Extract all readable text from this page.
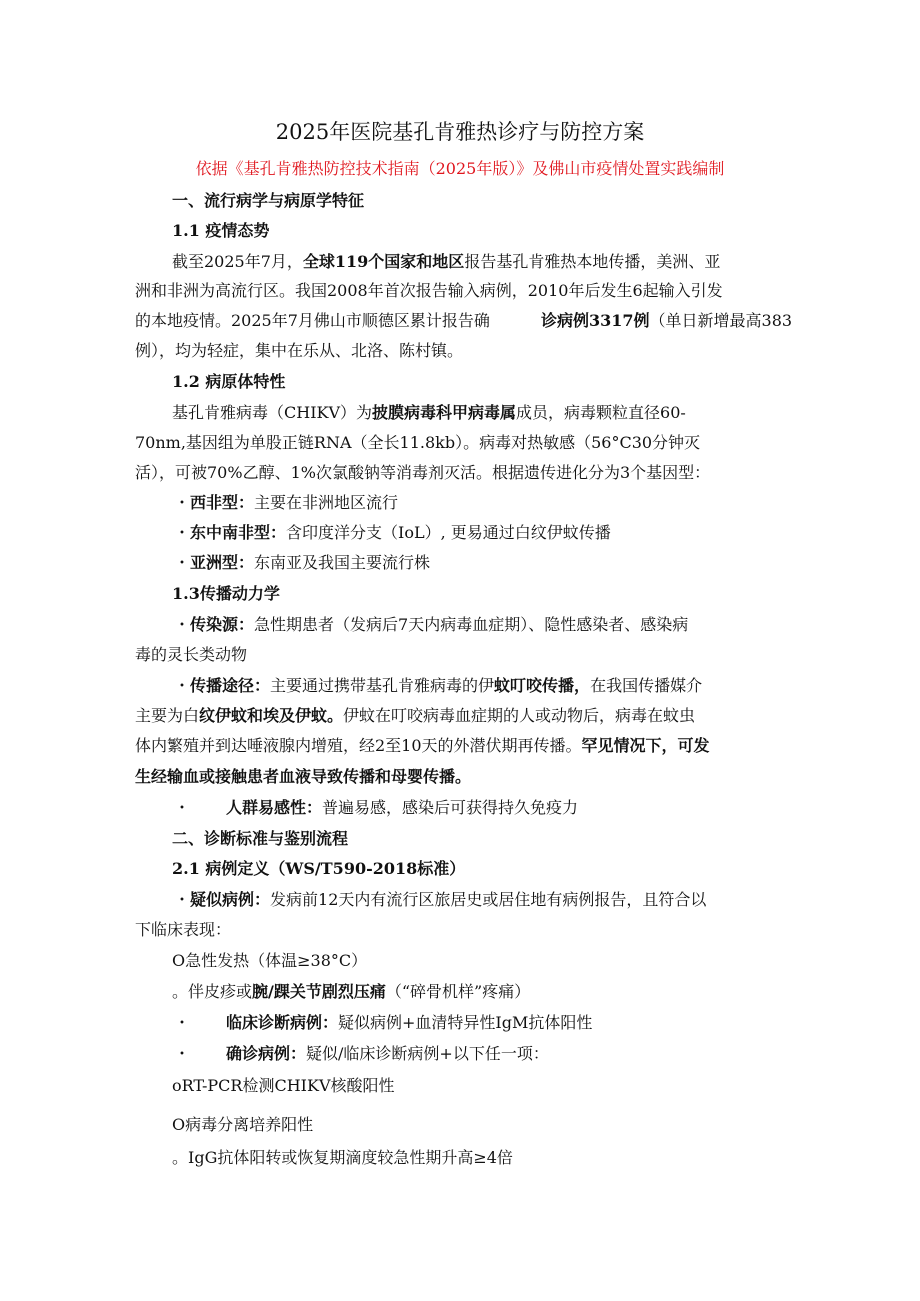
2025年医院基孔肯雅热诊疗与防控方案
依据《基孔肯雅热防控技术指南（2025年版）》及佛山市疫情处置实践编制
一、流行病学与病原学特征
1.1 疫情态势
截至2025年7月，全球119个国家和地区报告基孔肯雅热本地传播，美洲、亚
洲和非洲为高流行区。我国2008年首次报告输入病例，2010年后发生6起输入引发
的本地疫情。2025年7月佛山市顺德区累计报告确	诊病例3317例（单日新增最高383
例），均为轻症，集中在乐从、北洛、陈村镇。
1.2 病原体特性
基孔肯雅病毒（CHIKV）为披膜病毒科甲病毒属成员，病毒颗粒直径60-
70nm,基因组为单股正链RNA（全长11.8kb）。病毒对热敏感（56°C30分钟灭
活），可被70%乙醇、1%次氯酸钠等消毒剂灭活。根据遗传进化分为3个基因型：
・西非型：主要在非洲地区流行
・东中南非型：含印度洋分支（IoL）, 更易通过白纹伊蚊传播
・亚洲型：东南亚及我国主要流行株
1.3传播动力学
・传染源：急性期患者（发病后7天内病毒血症期）、隐性感染者、感染病
毒的灵长类动物
・传播途径：主要通过携带基孔肯雅病毒的伊蚊叮咬传播，在我国传播媒介
主要为白纹伊蚊和埃及伊蚊。伊蚊在叮咬病毒血症期的人或动物后，病毒在蚊虫
体内繁殖并到达唾液腺内增殖，经2至10天的外潜伏期再传播。罕见情况下，可发
生经输血或接触患者血液导致传播和母婴传播。
・ 人群易感性：普遍易感，感染后可获得持久免疫力
二、诊断标准与鉴别流程
2.1 病例定义（WS/T590-2018标准）
・疑似病例：发病前12天内有流行区旅居史或居住地有病例报告，且符合以
下临床表现：
O急性发热（体温≥38°C）
。伴皮疹或腕/踝关节剧烈压痛（“碎骨机样”疼痛）
・ 临床诊断病例：疑似病例+血清特异性IgM抗体阳性
・ 确诊病例：疑似/临床诊断病例+以下任一项：
oRT-PCR检测CHIKV核酸阳性
O病毒分离培养阳性
。IgG抗体阳转或恢复期滴度较急性期升高≥4倍
